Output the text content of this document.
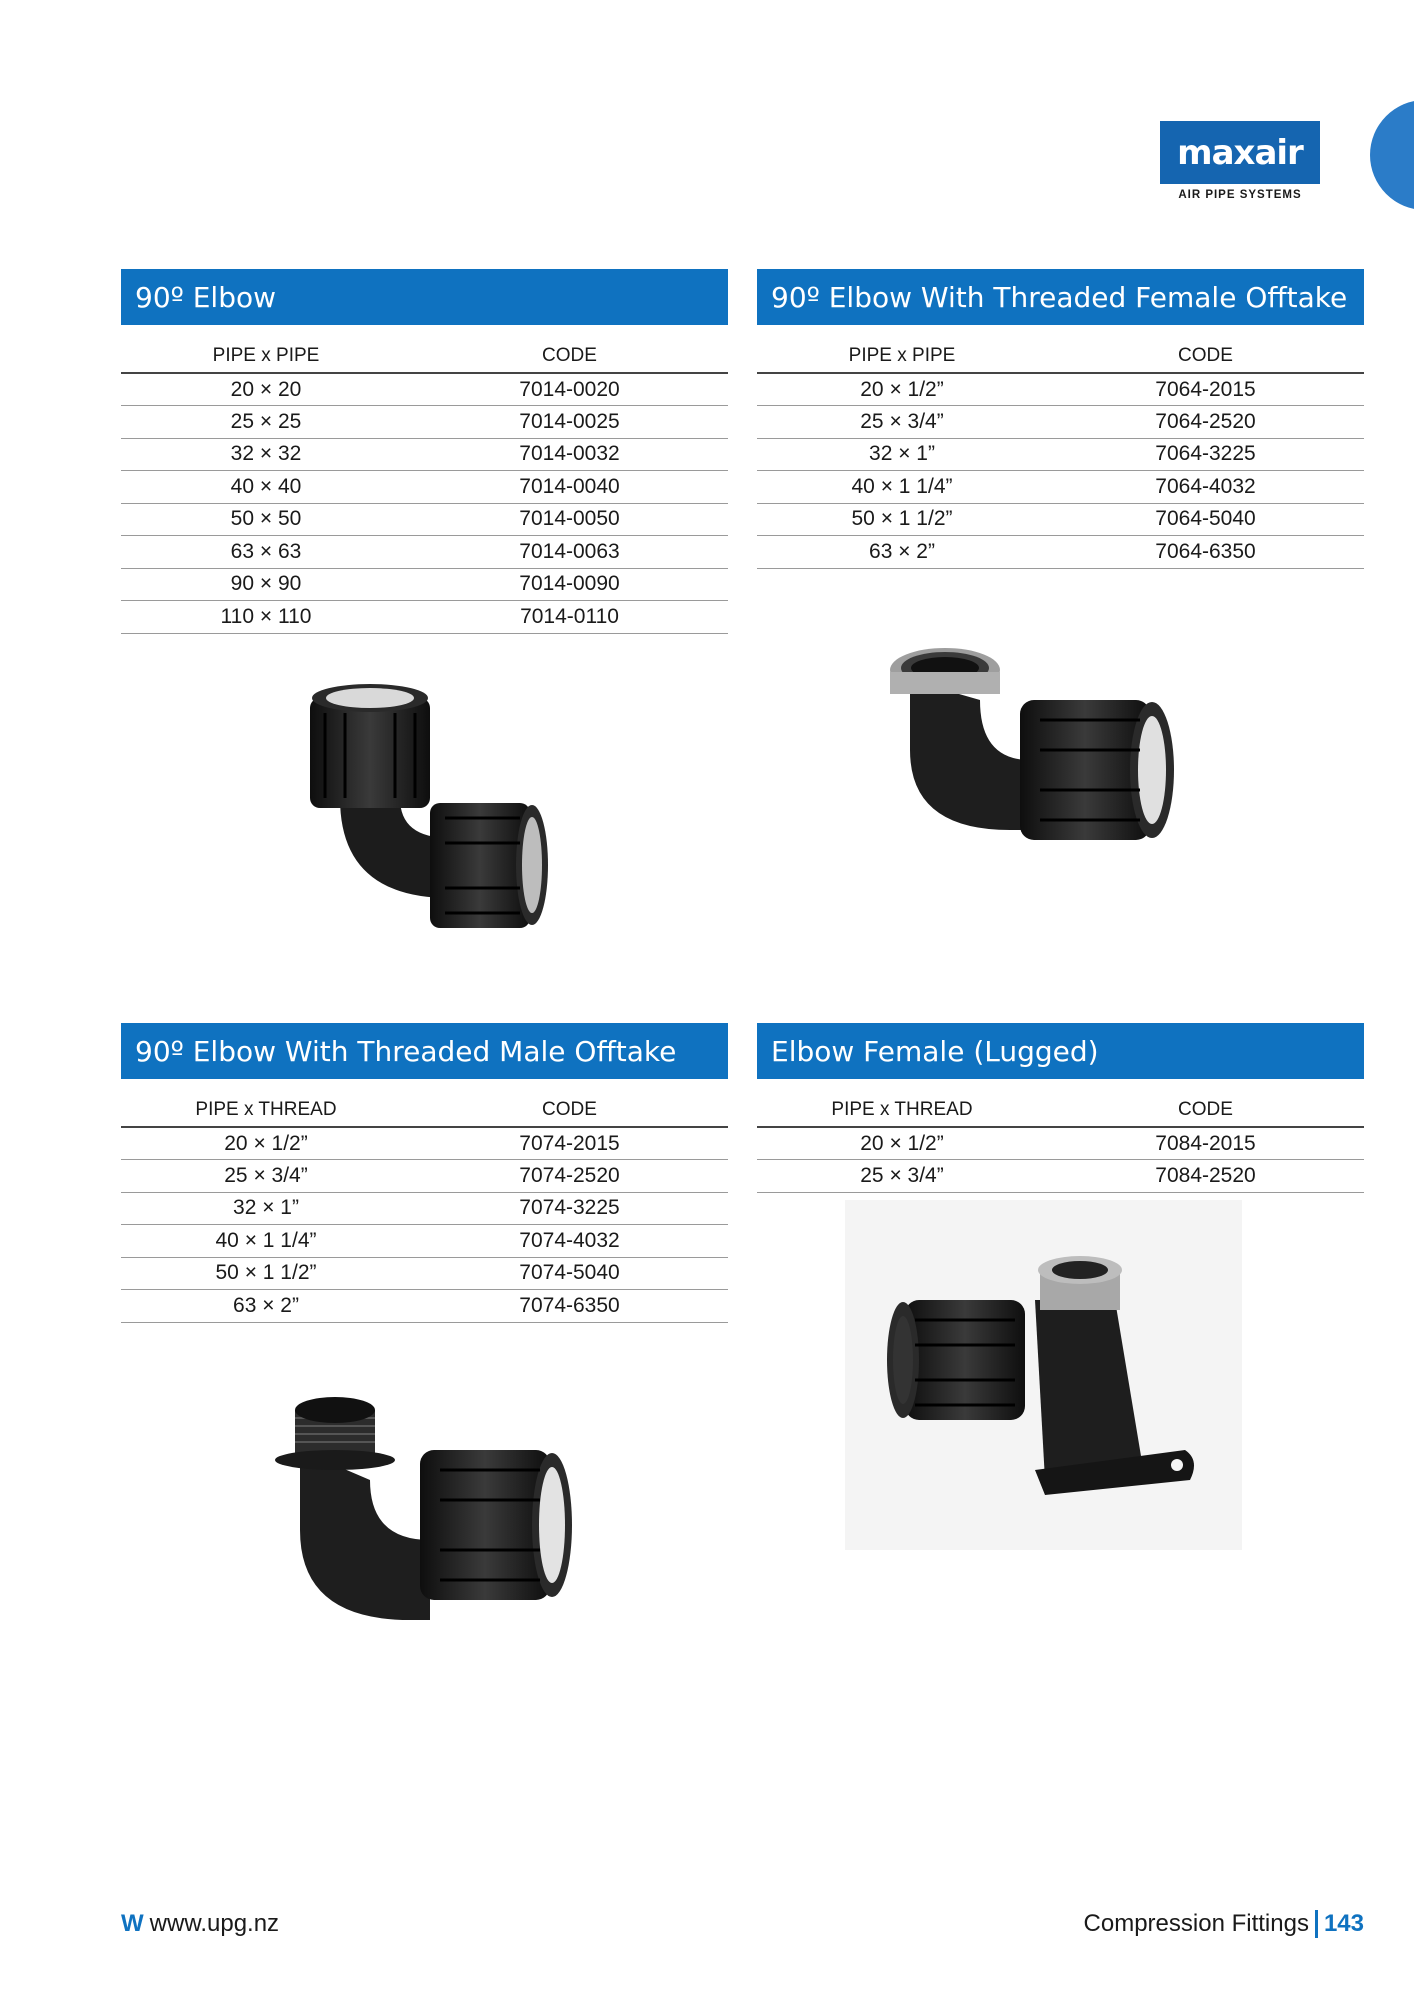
maxair
AIR PIPE SYSTEMS
90º Elbow
PIPE x PIPE	CODE
20 × 20	7014-0020
25 × 25	7014-0025
32 × 32	7014-0032
40 × 40	7014-0040
50 × 50	7014-0050
63 × 63	7014-0063
90 × 90	7014-0090
110 × 110	7014-0110
90º Elbow With Threaded Female Offtake
PIPE x PIPE	CODE
20 × 1/2”	7064-2015
25 × 3/4”	7064-2520
32 × 1”	7064-3225
40 × 1 1/4”	7064-4032
50 × 1 1/2”	7064-5040
63 × 2”	7064-6350
90º Elbow With Threaded Male Offtake
PIPE x THREAD	CODE
20 × 1/2”	7074-2015
25 × 3/4”	7074-2520
32 × 1”	7074-3225
40 × 1 1/4”	7074-4032
50 × 1 1/2”	7074-5040
63 × 2”	7074-6350
Elbow Female (Lugged)
PIPE x THREAD	CODE
20 × 1/2”	7084-2015
25 × 3/4”	7084-2520
W www.upg.nz	Compression Fittings 143
